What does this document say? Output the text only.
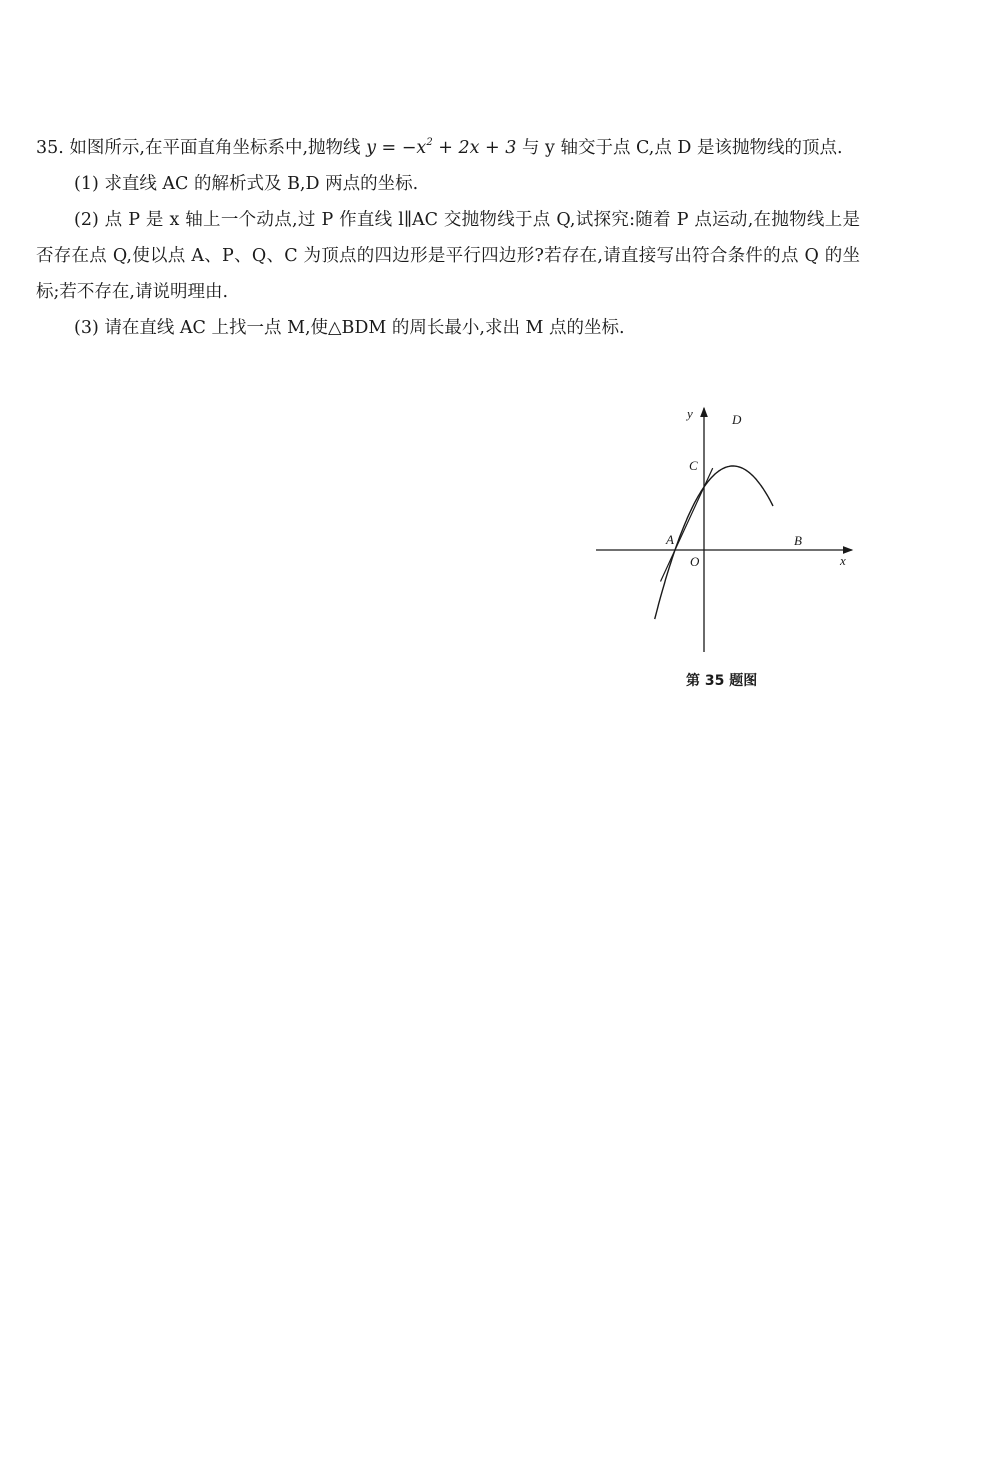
35. 如图所示,在平面直角坐标系中,抛物线 $y = -x^2 + 2x + 3$ 与 y 轴交于点 C,点 D 是该抛物线的顶点.

(1) 求直线 AC 的解析式及 B,D 两点的坐标.

(2) 点 P 是 x 轴上一个动点,过 P 作直线 l∥AC 交抛物线于点 Q,试探究:随着 P 点运动,在抛物线上是否存在点 Q,使以点 A、P、Q、C 为顶点的四边形是平行四边形?若存在,请直接写出符合条件的点 Q 的坐标;若不存在,请说明理由.

(3) 请在直线 AC 上找一点 M,使△BDM 的周长最小,求出 M 点的坐标.

y	D
C
A
O
B
x
第 35 题图
